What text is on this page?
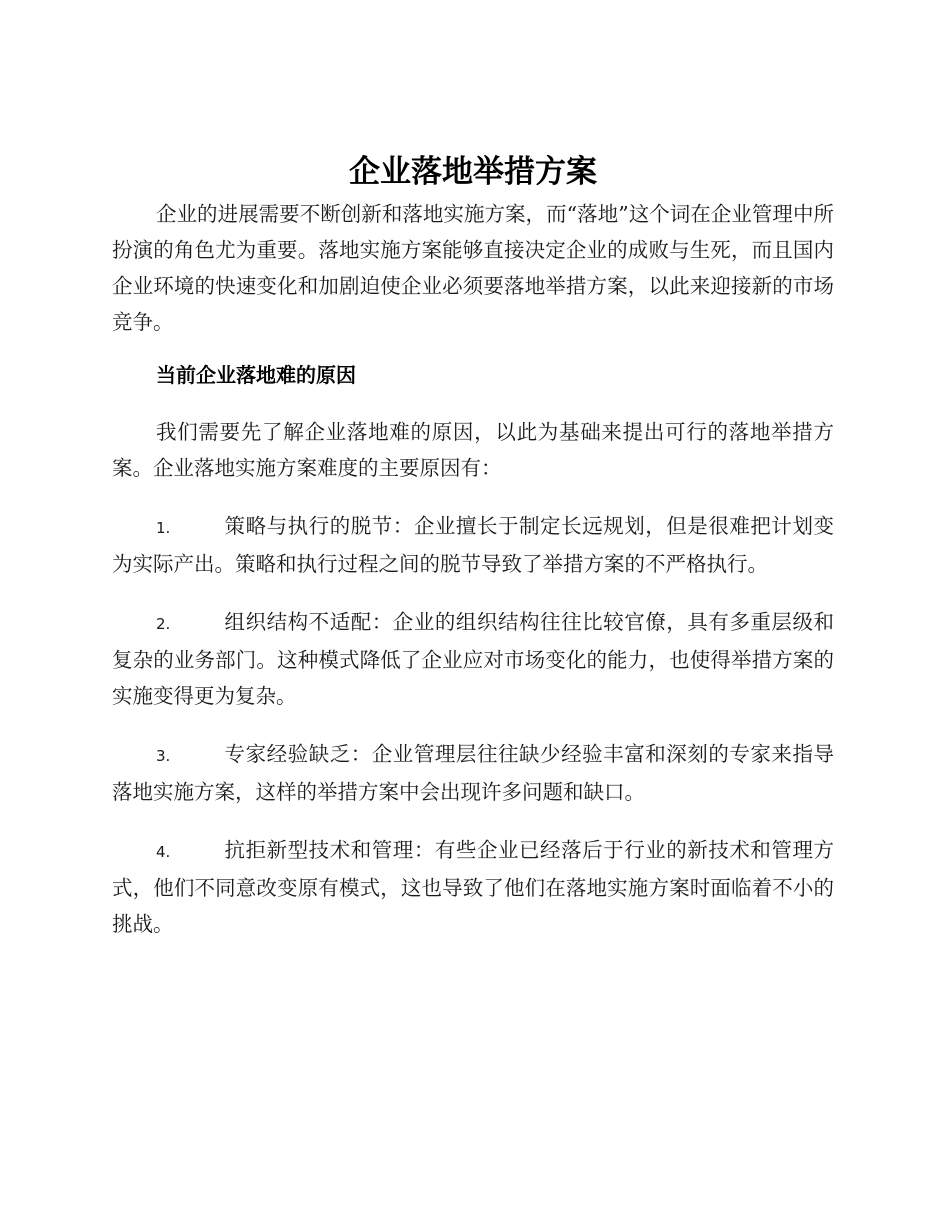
企业落地举措方案

企业的进展需要不断创新和落地实施方案，而“落地”这个词在企业管理中所扮演的角色尤为重要。落地实施方案能够直接决定企业的成败与生死，而且国内企业环境的快速变化和加剧迫使企业必须要落地举措方案，以此来迎接新的市场竞争。

当前企业落地难的原因

我们需要先了解企业落地难的原因，以此为基础来提出可行的落地举措方案。企业落地实施方案难度的主要原因有：

1.	策略与执行的脱节：企业擅长于制定长远规划，但是很难把计划变为实际产出。策略和执行过程之间的脱节导致了举措方案的不严格执行。

2.	组织结构不适配：企业的组织结构往往比较官僚，具有多重层级和复杂的业务部门。这种模式降低了企业应对市场变化的能力，也使得举措方案的实施变得更为复杂。

3.	专家经验缺乏：企业管理层往往缺少经验丰富和深刻的专家来指导落地实施方案，这样的举措方案中会出现许多问题和缺口。

4.	抗拒新型技术和管理：有些企业已经落后于行业的新技术和管理方式，他们不同意改变原有模式，这也导致了他们在落地实施方案时面临着不小的挑战。
